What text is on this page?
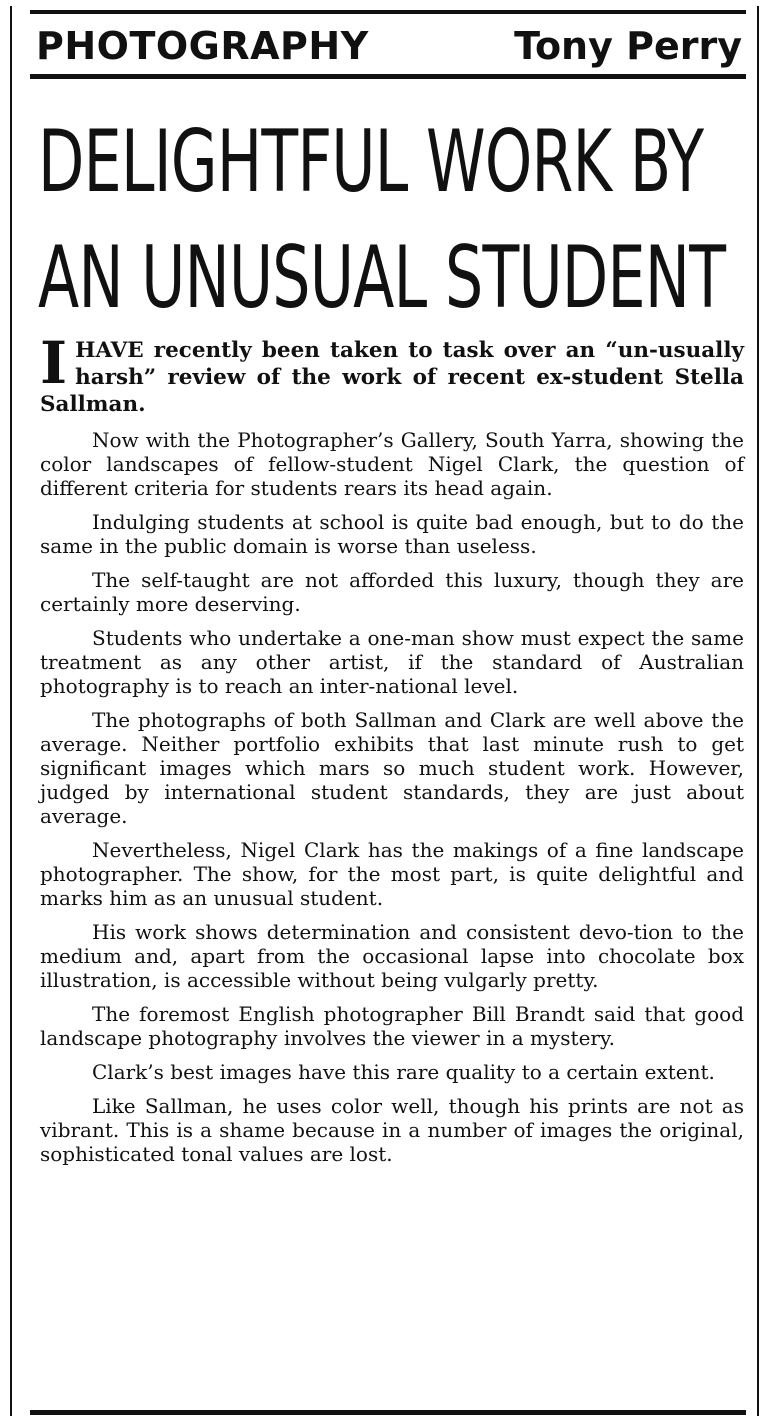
PHOTOGRAPHY	Tony Perry
DELIGHTFUL WORK BY
AN UNUSUAL STUDENT

I HAVE recently been taken to task over an “un-usually harsh” review of the work of recent ex-student Stella Sallman.

Now with the Photographer’s Gallery, South Yarra, showing the color landscapes of fellow-student Nigel Clark, the question of different criteria for students rears its head again.

Indulging students at school is quite bad enough, but to do the same in the public domain is worse than useless.

The self-taught are not afforded this luxury, though they are certainly more deserving.

Students who undertake a one-man show must expect the same treatment as any other artist, if the standard of Australian photography is to reach an inter-national level.

The photographs of both Sallman and Clark are well above the average. Neither portfolio exhibits that last minute rush to get significant images which mars so much student work. However, judged by international student standards, they are just about average.

Nevertheless, Nigel Clark has the makings of a fine landscape photographer. The show, for the most part, is quite delightful and marks him as an unusual student.

His work shows determination and consistent devo-tion to the medium and, apart from the occasional lapse into chocolate box illustration, is accessible without being vulgarly pretty.

The foremost English photographer Bill Brandt said that good landscape photography involves the viewer in a mystery.

Clark’s best images have this rare quality to a certain extent.

Like Sallman, he uses color well, though his prints are not as vibrant. This is a shame because in a number of images the original, sophisticated tonal values are lost.
